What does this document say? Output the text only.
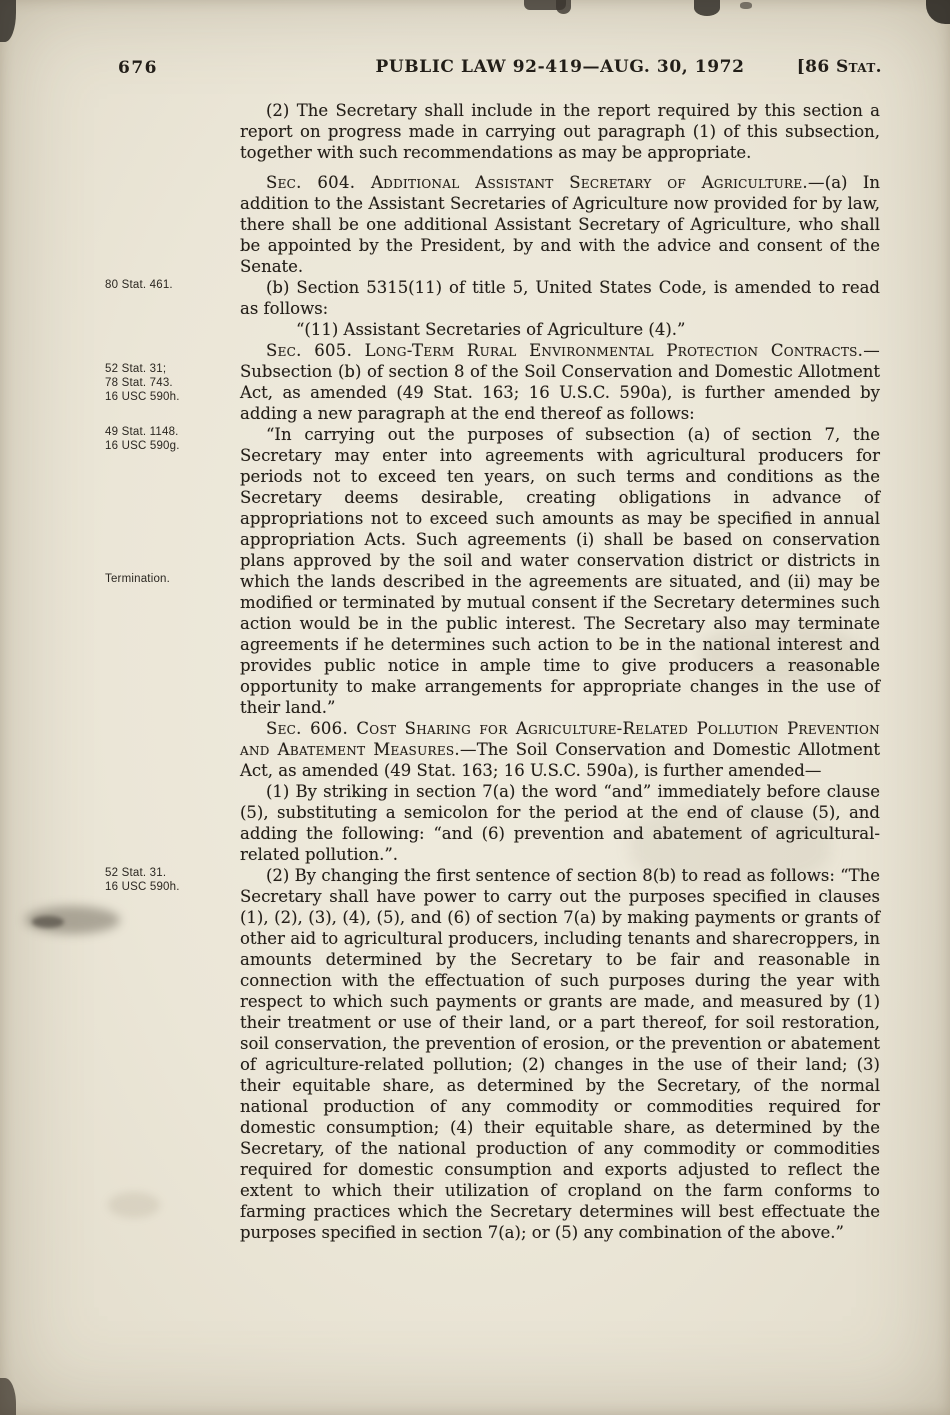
676	PUBLIC LAW 92-419—AUG. 30, 1972	[86 Stat.

(2) The Secretary shall include in the report required by this section a report on progress made in carrying out paragraph (1) of this subsection, together with such recommendations as may be appropriate.

Sec. 604. Additional Assistant Secretary of Agriculture.—(a) In addition to the Assistant Secretaries of Agriculture now provided for by law, there shall be one additional Assistant Secretary of Agriculture, who shall be appointed by the President, by and with the advice and consent of the Senate.

80 Stat. 461.	(b) Section 5315(11) of title 5, United States Code, is amended to read as follows:

“(11) Assistant Secretaries of Agriculture (4).”

52 Stat. 31;
78 Stat. 743.
16 USC 590h.
Sec. 605. Long-Term Rural Environmental Protection Contracts.—Subsection (b) of section 8 of the Soil Conservation and Domestic Allotment Act, as amended (49 Stat. 163; 16 U.S.C. 590a), is further amended by adding a new paragraph at the end thereof as follows:

49 Stat. 1148.
16 USC 590g.
Termination.
“In carrying out the purposes of subsection (a) of section 7, the Secretary may enter into agreements with agricultural producers for periods not to exceed ten years, on such terms and conditions as the Secretary deems desirable, creating obligations in advance of appropriations not to exceed such amounts as may be specified in annual appropriation Acts. Such agreements (i) shall be based on conservation plans approved by the soil and water conservation district or districts in which the lands described in the agreements are situated, and (ii) may be modified or terminated by mutual consent if the Secretary determines such action would be in the public interest. The Secretary also may terminate agreements if he determines such action to be in the national interest and provides public notice in ample time to give producers a reasonable opportunity to make arrangements for appropriate changes in the use of their land.”

Sec. 606. Cost Sharing for Agriculture-Related Pollution Prevention and Abatement Measures.—The Soil Conservation and Domestic Allotment Act, as amended (49 Stat. 163; 16 U.S.C. 590a), is further amended—

(1) By striking in section 7(a) the word “and” immediately before clause (5), substituting a semicolon for the period at the end of clause (5), and adding the following: “and (6) prevention and abatement of agricultural-related pollution.”.

52 Stat. 31.
16 USC 590h.
(2) By changing the first sentence of section 8(b) to read as follows: “The Secretary shall have power to carry out the purposes specified in clauses (1), (2), (3), (4), (5), and (6) of section 7(a) by making payments or grants of other aid to agricultural producers, including tenants and sharecroppers, in amounts determined by the Secretary to be fair and reasonable in connection with the effectuation of such purposes during the year with respect to which such payments or grants are made, and measured by (1) their treatment or use of their land, or a part thereof, for soil restoration, soil conservation, the prevention of erosion, or the prevention or abatement of agriculture-related pollution; (2) changes in the use of their land; (3) their equitable share, as determined by the Secretary, of the normal national production of any commodity or commodities required for domestic consumption; (4) their equitable share, as determined by the Secretary, of the national production of any commodity or commodities required for domestic consumption and exports adjusted to reflect the extent to which their utilization of cropland on the farm conforms to farming practices which the Secretary determines will best effectuate the purposes specified in section 7(a); or (5) any combination of the above.”
